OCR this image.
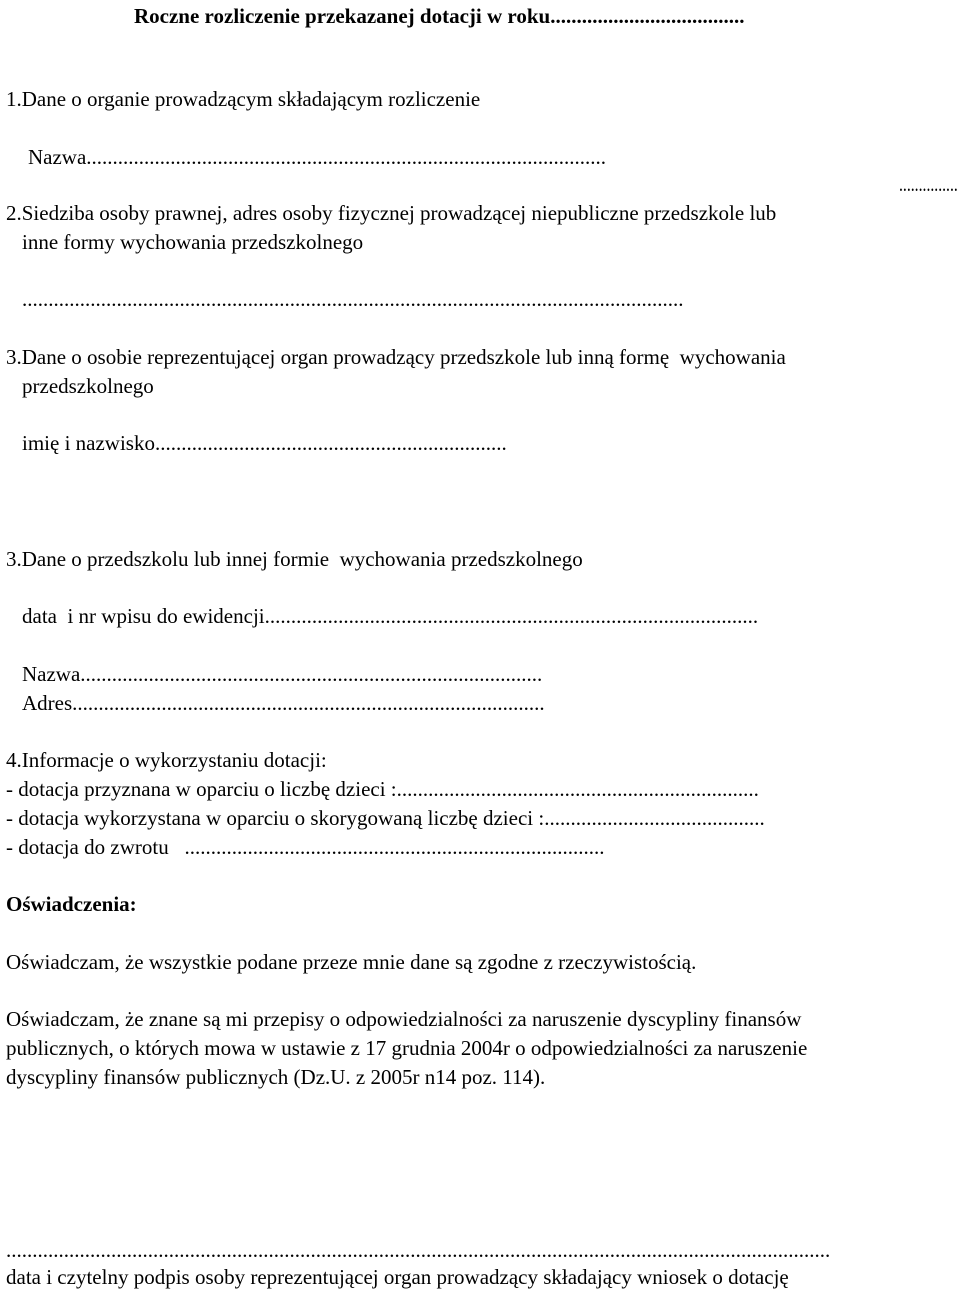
Roczne rozliczenie przekazanej dotacji w roku.....................................
1.Dane o organie prowadzącym składającym rozliczenie
Nazwa...................................................................................................
...............
2.Siedziba osoby prawnej, adres osoby fizycznej prowadzącej niepubliczne przedszkole lub
inne formy wychowania przedszkolnego
..............................................................................................................................
3.Dane o osobie reprezentującej organ prowadzący przedszkole lub inną formę  wychowania
przedszkolnego
imię i nazwisko...................................................................
3.Dane o przedszkolu lub innej formie  wychowania przedszkolnego
data  i nr wpisu do ewidencji..............................................................................................
Nazwa........................................................................................
Adres..........................................................................................
4.Informacje o wykorzystaniu dotacji:
- dotacja przyznana w oparciu o liczbę dzieci :.....................................................................
- dotacja wykorzystana w oparciu o skorygowaną liczbę dzieci :..........................................
- dotacja do zwrotu   ................................................................................
Oświadczenia:
Oświadczam, że wszystkie podane przeze mnie dane są zgodne z rzeczywistością.
Oświadczam, że znane są mi przepisy o odpowiedzialności za naruszenie dyscypliny finansów
publicznych, o których mowa w ustawie z 17 grudnia 2004r o odpowiedzialności za naruszenie
dyscypliny finansów publicznych (Dz.U. z 2005r n14 poz. 114).
.............................................................................................................................................................
data i czytelny podpis osoby reprezentującej organ prowadzący składający wniosek o dotację
